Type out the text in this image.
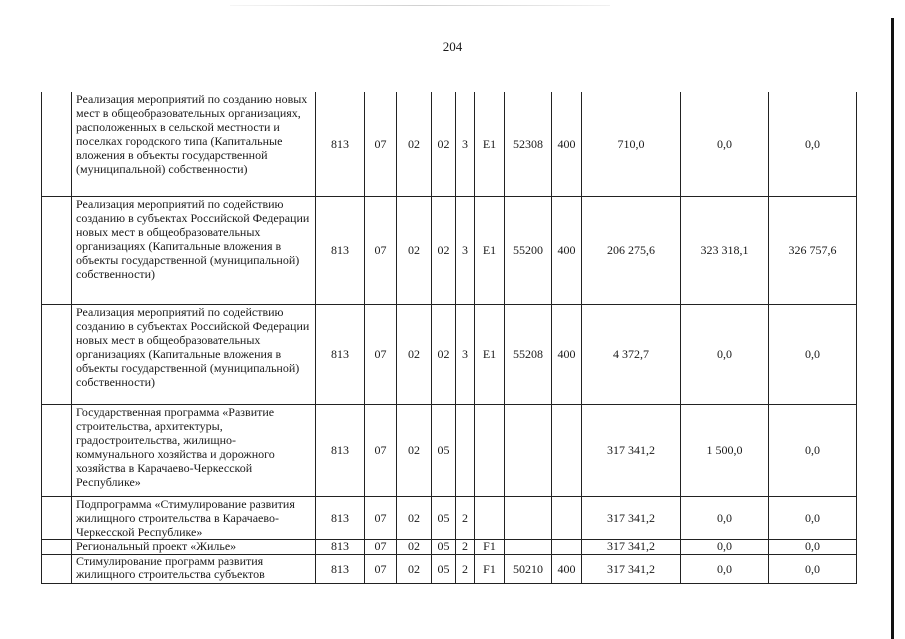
204
	Реализация мероприятий по созданию новых мест в общеобразовательных организациях, расположенных в сельской местности и поселках городского типа (Капитальные вложения в объекты государственной (муниципальной) собственности)	813	07	02	02	3	E1	52308	400	710,0	0,0	0,0
	Реализация мероприятий по содействию созданию в субъектах Российской Федерации новых мест в общеобразовательных организациях (Капитальные вложения в объекты государственной (муниципальной) собственности)	813	07	02	02	3	E1	55200	400	206 275,6	323 318,1	326 757,6
	Реализация мероприятий по содействию созданию в субъектах Российской Федерации новых мест в общеобразовательных организациях (Капитальные вложения в объекты государственной (муниципальной) собственности)	813	07	02	02	3	E1	55208	400	4 372,7	0,0	0,0
	Государственная программа «Развитие строительства, архитектуры, градостроительства, жилищно-коммунального хозяйства и дорожного хозяйства в Карачаево-Черкесской Республике»	813	07	02	05					317 341,2	1 500,0	0,0
	Подпрограмма «Стимулирование развития жилищного строительства в Карачаево-Черкесской Республике»	813	07	02	05	2				317 341,2	0,0	0,0
	Региональный проект «Жилье»	813	07	02	05	2	F1			317 341,2	0,0	0,0
	Стимулирование программ развития жилищного строительства субъектов	813	07	02	05	2	F1	50210	400	317 341,2	0,0	0,0
